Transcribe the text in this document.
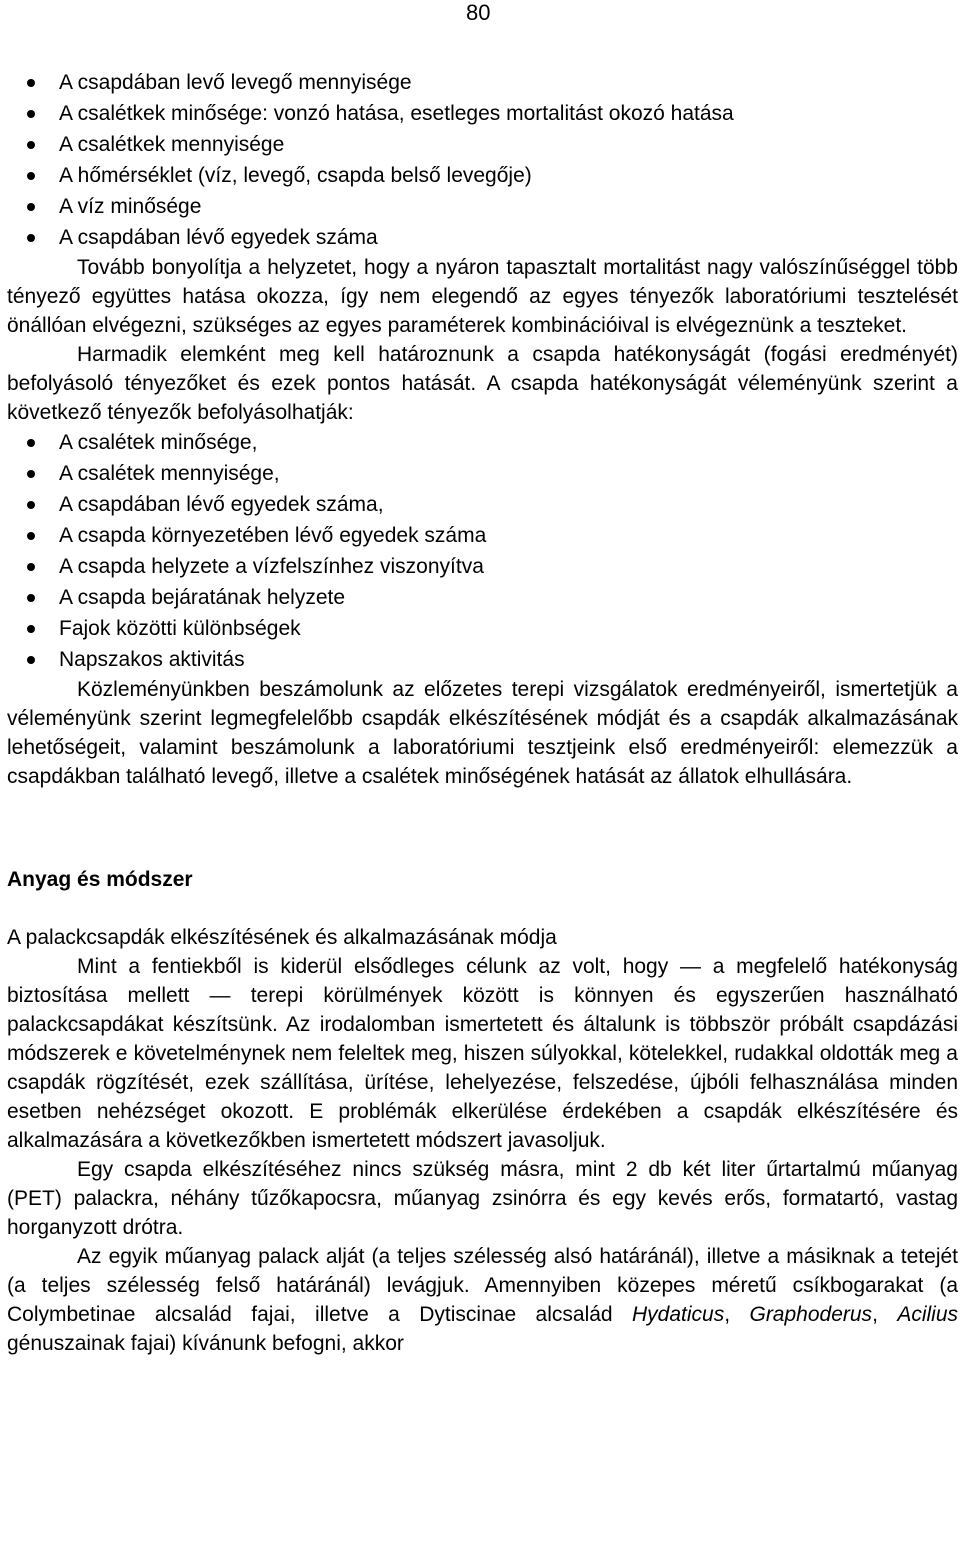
80
A csapdában levő levegő mennyisége
A csalétkek minősége: vonzó hatása, esetleges mortalitást okozó hatása
A csalétkek mennyisége
A hőmérséklet (víz, levegő, csapda belső levegője)
A víz minősége
A csapdában lévő egyedek száma

Tovább bonyolítja a helyzetet, hogy a nyáron tapasztalt mortalitást nagy valószínűséggel több tényező együttes hatása okozza, így nem elegendő az egyes tényezők laboratóriumi tesztelését önállóan elvégezni, szükséges az egyes paraméterek kombinációival is elvégeznünk a teszteket.

Harmadik elemként meg kell határoznunk a csapda hatékonyságát (fogási eredményét) befolyásoló tényezőket és ezek pontos hatását. A csapda hatékonyságát véleményünk szerint a következő tényezők befolyásolhatják:

A csalétek minősége,
A csalétek mennyisége,
A csapdában lévő egyedek száma,
A csapda környezetében lévő egyedek száma
A csapda helyzete a vízfelszínhez viszonyítva
A csapda bejáratának helyzete
Fajok közötti különbségek
Napszakos aktivitás

Közleményünkben beszámolunk az előzetes terepi vizsgálatok eredményeiről, ismertetjük a véleményünk szerint legmegfelelőbb csapdák elkészítésének módját és a csapdák alkalmazásának lehetőségeit, valamint beszámolunk a laboratóriumi tesztjeink első eredményeiről: elemezzük a csapdákban található levegő, illetve a csalétek minőségének hatását az állatok elhullására.

Anyag és módszer
A palackcsapdák elkészítésének és alkalmazásának módja

Mint a fentiekből is kiderül elsődleges célunk az volt, hogy — a megfelelő hatékonyság biztosítása mellett — terepi körülmények között is könnyen és egyszerűen használható palackcsapdákat készítsünk. Az irodalomban ismertetett és általunk is többször próbált csapdázási módszerek e követelménynek nem feleltek meg, hiszen súlyokkal, kötelekkel, rudakkal oldották meg a csapdák rögzítését, ezek szállítása, ürítése, lehelyezése, felszedése, újbóli felhasználása minden esetben nehézséget okozott. E problémák elkerülése érdekében a csapdák elkészítésére és alkalmazására a következőkben ismertetett módszert javasoljuk.

Egy csapda elkészítéséhez nincs szükség másra, mint 2 db két liter űrtartalmú műanyag (PET) palackra, néhány tűzőkapocsra, műanyag zsinórra és egy kevés erős, formatartó, vastag horganyzott drótra.

Az egyik műanyag palack alját (a teljes szélesség alsó határánál), illetve a másiknak a tetejét (a teljes szélesség felső határánál) levágjuk. Amennyiben közepes méretű csíkbogarakat (a Colymbetinae alcsalád fajai, illetve a Dytiscinae alcsalád Hydaticus, Graphoderus, Acilius génuszainak fajai) kívánunk befogni, akkor
